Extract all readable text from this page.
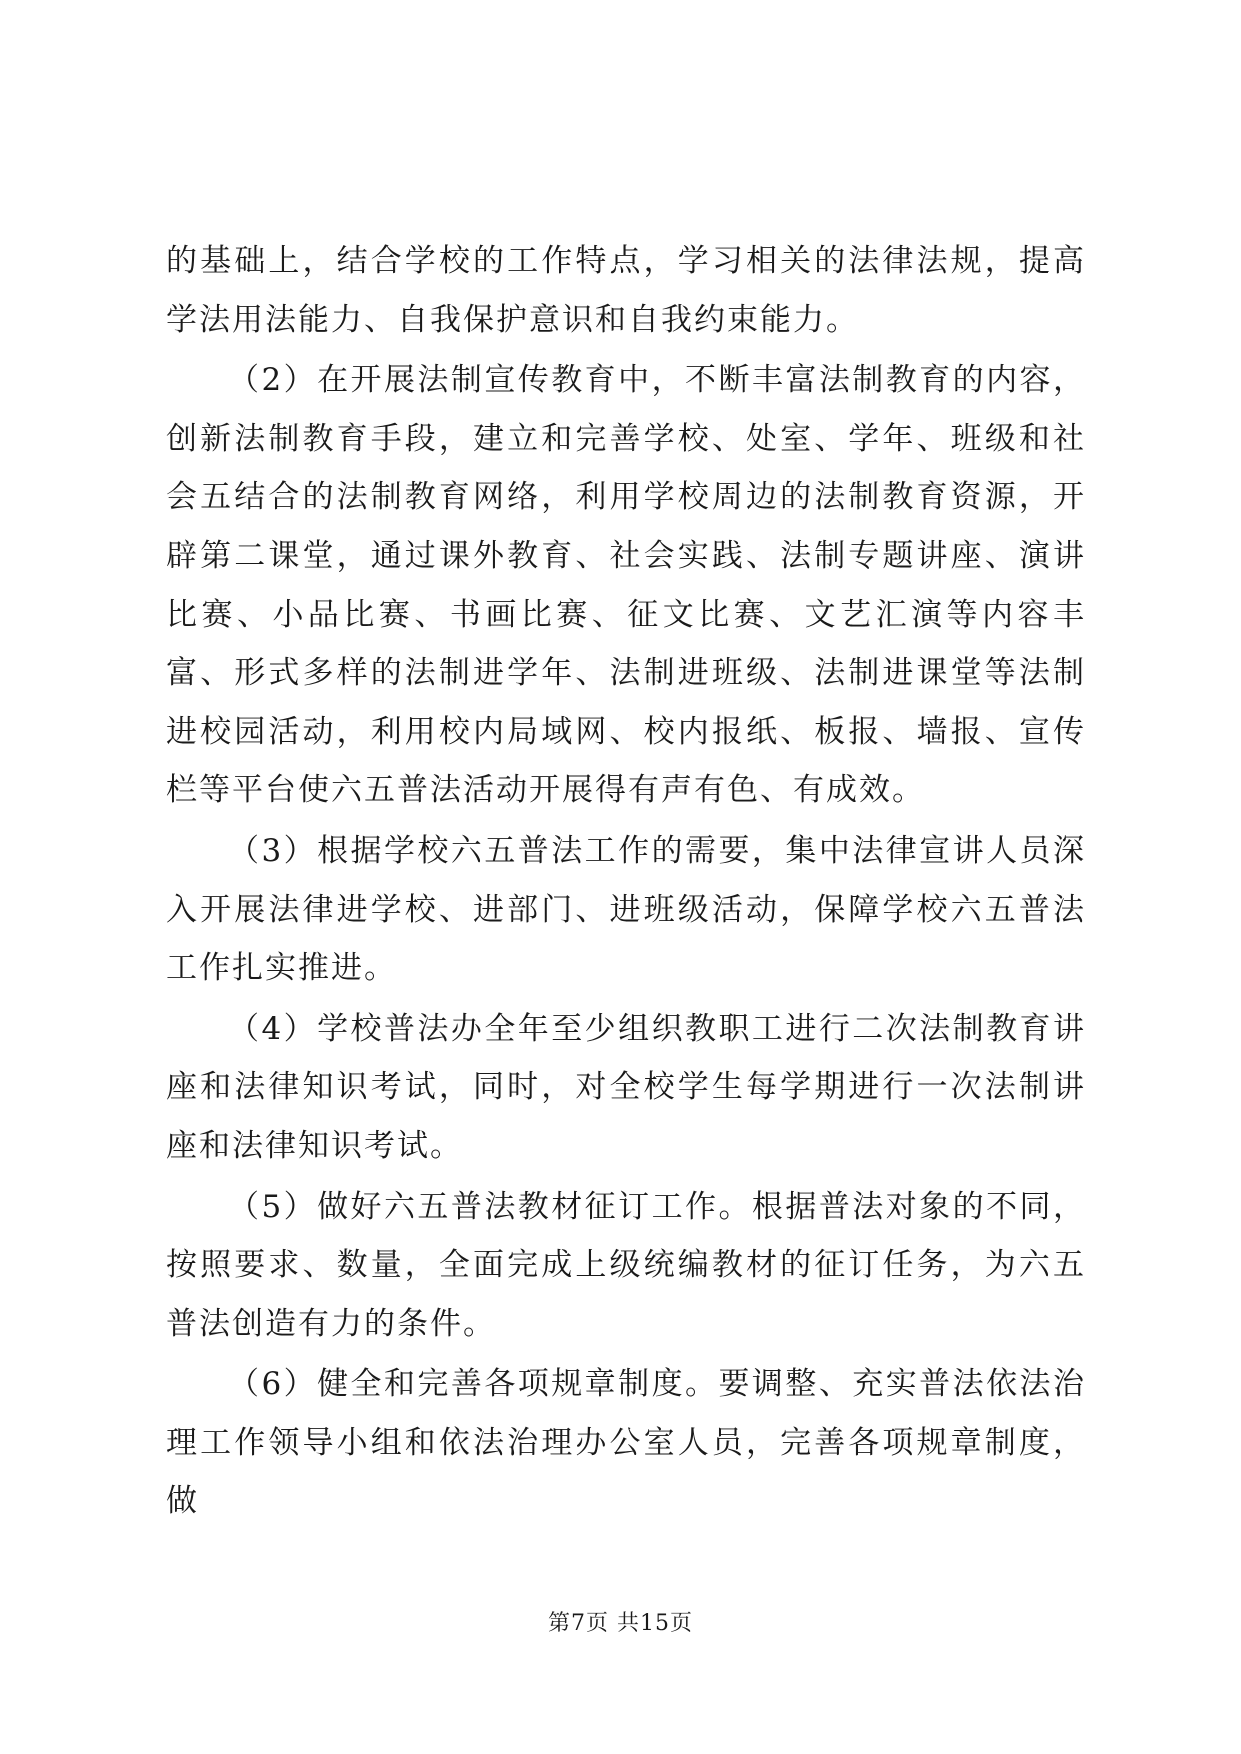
的基础上，结合学校的工作特点，学习相关的法律法规，提高学法用法能力、自我保护意识和自我约束能力。

（2）在开展法制宣传教育中，不断丰富法制教育的内容，创新法制教育手段，建立和完善学校、处室、学年、班级和社会五结合的法制教育网络，利用学校周边的法制教育资源，开辟第二课堂，通过课外教育、社会实践、法制专题讲座、演讲比赛、小品比赛、书画比赛、征文比赛、文艺汇演等内容丰富、形式多样的法制进学年、法制进班级、法制进课堂等法制进校园活动，利用校内局域网、校内报纸、板报、墙报、宣传栏等平台使六五普法活动开展得有声有色、有成效。

（3）根据学校六五普法工作的需要，集中法律宣讲人员深入开展法律进学校、进部门、进班级活动，保障学校六五普法工作扎实推进。

（4）学校普法办全年至少组织教职工进行二次法制教育讲座和法律知识考试，同时，对全校学生每学期进行一次法制讲座和法律知识考试。

（5）做好六五普法教材征订工作。根据普法对象的不同，按照要求、数量，全面完成上级统编教材的征订任务，为六五普法创造有力的条件。

（6）健全和完善各项规章制度。要调整、充实普法依法治理工作领导小组和依法治理办公室人员，完善各项规章制度，做

第7页 共15页
